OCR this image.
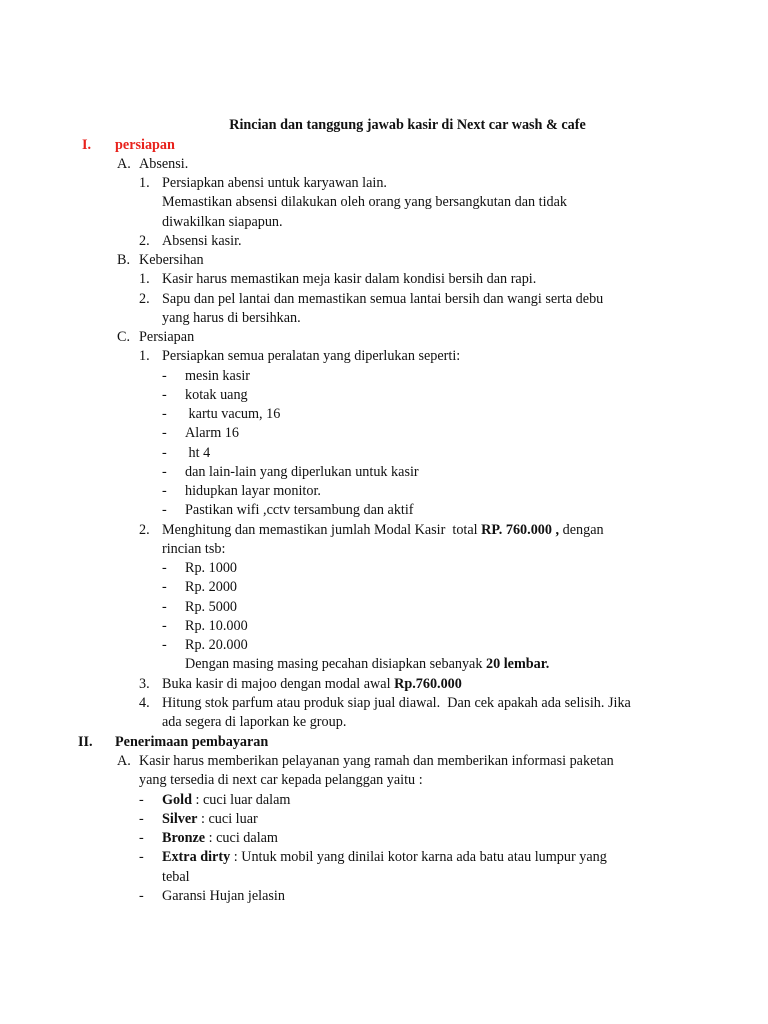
Rincian dan tanggung jawab kasir di Next car wash & cafe
I. persiapan
A. Absensi.
1. Persiapkan abensi untuk karyawan lain.
Memastikan absensi dilakukan oleh orang yang bersangkutan dan tidak
diwakilkan siapapun.
2. Absensi kasir.
B. Kebersihan
1. Kasir harus memastikan meja kasir dalam kondisi bersih dan rapi.
2. Sapu dan pel lantai dan memastikan semua lantai bersih dan wangi serta debu
yang harus di bersihkan.
C. Persiapan
1. Persiapkan semua peralatan yang diperlukan seperti:
- mesin kasir
- kotak uang
- kartu vacum, 16
- Alarm 16
- ht 4
- dan lain-lain yang diperlukan untuk kasir
- hidupkan layar monitor.
- Pastikan wifi ,cctv tersambung dan aktif
2. Menghitung dan memastikan jumlah Modal Kasir  total RP. 760.000 , dengan
rincian tsb:
- Rp. 1000
- Rp. 2000
- Rp. 5000
- Rp. 10.000
- Rp. 20.000
Dengan masing masing pecahan disiapkan sebanyak 20 lembar.
3. Buka kasir di majoo dengan modal awal Rp.760.000
4. Hitung stok parfum atau produk siap jual diawal.  Dan cek apakah ada selisih. Jika
ada segera di laporkan ke group.
II. Penerimaan pembayaran
A. Kasir harus memberikan pelayanan yang ramah dan memberikan informasi paketan
yang tersedia di next car kepada pelanggan yaitu :
- Gold : cuci luar dalam
- Silver : cuci luar
- Bronze : cuci dalam
- Extra dirty : Untuk mobil yang dinilai kotor karna ada batu atau lumpur yang
tebal
- Garansi Hujan jelasin
